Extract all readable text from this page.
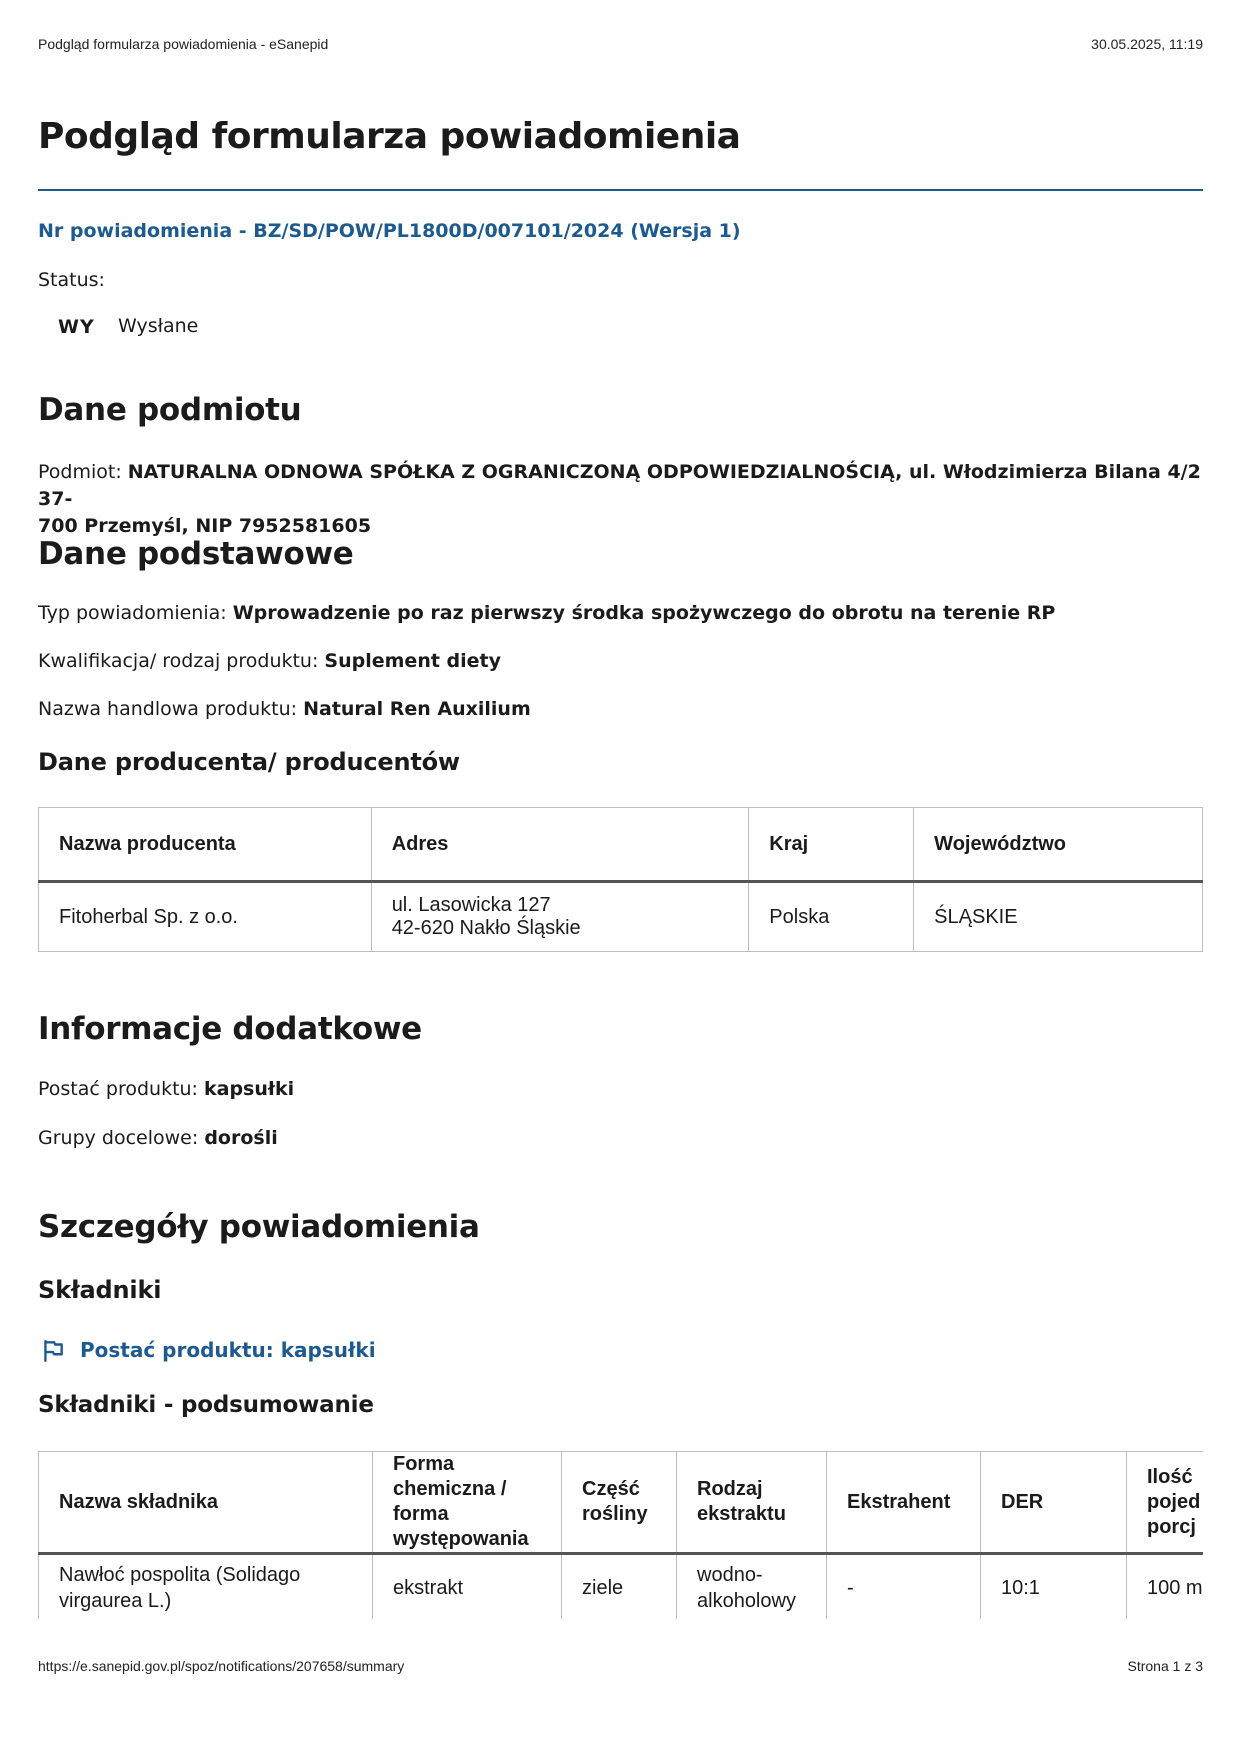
Podgląd formularza powiadomienia - eSanepid	30.05.2025, 11:19
Podgląd formularza powiadomienia
Nr powiadomienia - BZ/SD/POW/PL1800D/007101/2024 (Wersja 1)
Status:
WY Wysłane
Dane podmiotu
Podmiot: NATURALNA ODNOWA SPÓŁKA Z OGRANICZONĄ ODPOWIEDZIALNOŚCIĄ, ul. Włodzimierza Bilana 4/2 37-
700 Przemyśl, NIP 7952581605
Dane podstawowe
Typ powiadomienia: Wprowadzenie po raz pierwszy środka spożywczego do obrotu na terenie RP
Kwalifikacja/ rodzaj produktu: Suplement diety
Nazwa handlowa produktu: Natural Ren Auxilium
Dane producenta/ producentów
Nazwa producenta	Adres	Kraj	Województwo
Fitoherbal Sp. z o.o.	ul. Lasowicka 127
42-620 Nakło Śląskie	Polska	ŚLĄSKIE
Informacje dodatkowe
Postać produktu: kapsułki
Grupy docelowe: dorośli
Szczegóły powiadomienia
Składniki
Postać produktu: kapsułki
Składniki - podsumowanie
Nazwa składnika	Forma
chemiczna /
forma
występowania	Część
rośliny	Rodzaj
ekstraktu	Ekstrahent	DER	Ilość
pojed
porcj
Nawłoć pospolita (Solidago
virgaurea L.)	ekstrakt	ziele	wodno-
alkoholowy	-	10:1	100 m
https://e.sanepid.gov.pl/spoz/notifications/207658/summary	Strona 1 z 3
